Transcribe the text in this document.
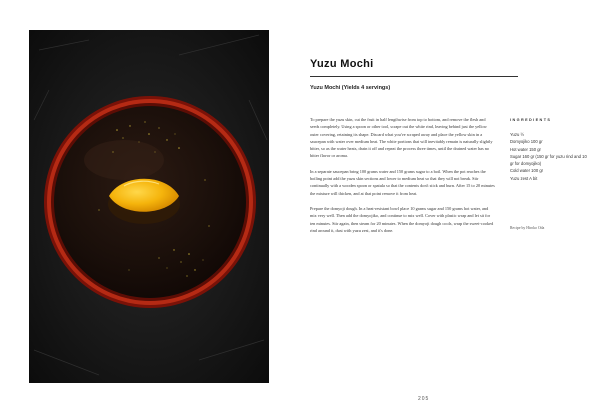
Yuzu Mochi
Yuzu Mochi (Yields 4 servings)

To prepare the yuzu skin, cut the fruit in half lengthwise from top to bottom, and remove the flesh and seeds completely. Using a spoon or other tool, scrape out the white rind, leaving behind just the yellow outer covering, retaining its shape. Discard what you've scraped away and place the yellow skin in a saucepan with water over medium heat. The white portions that will inevitably remain is naturally slightly bitter, so as the water heats, drain it off and repeat the process three times, until the drained water has no bitter flavor or aroma.

In a separate saucepan bring 100 grams water and 150 grams sugar to a boil. When the pot reaches the boiling point add the yuzu skin sections and lower to medium heat so that they will not break. Stir continually with a wooden spoon or spatula so that the contents don't stick and burn. After 15 to 20 minutes the mixture will thicken, and at that point remove it from heat.

Prepare the domyoji dough. In a heat-resistant bowl place 10 grams sugar and 150 grams hot water, and mix very well. Then add the domyojiko, and continue to mix well. Cover with plastic wrap and let sit for ten minutes. Stir again, then steam for 20 minutes. When the domyoji dough cools, wrap the sweet-cooked rind around it, dust with yuzu zest, and it's done.

INGREDIENTS
Yuzu ½
Domyojiko 100 gr
Hot water 150 gr
Sugar 160 gr (150 gr for yuzu rind and 10 gr for domyojiko)
Cold water 100 gr
Yuzu zest A bit
Recipe by Hiroko Oda
205
